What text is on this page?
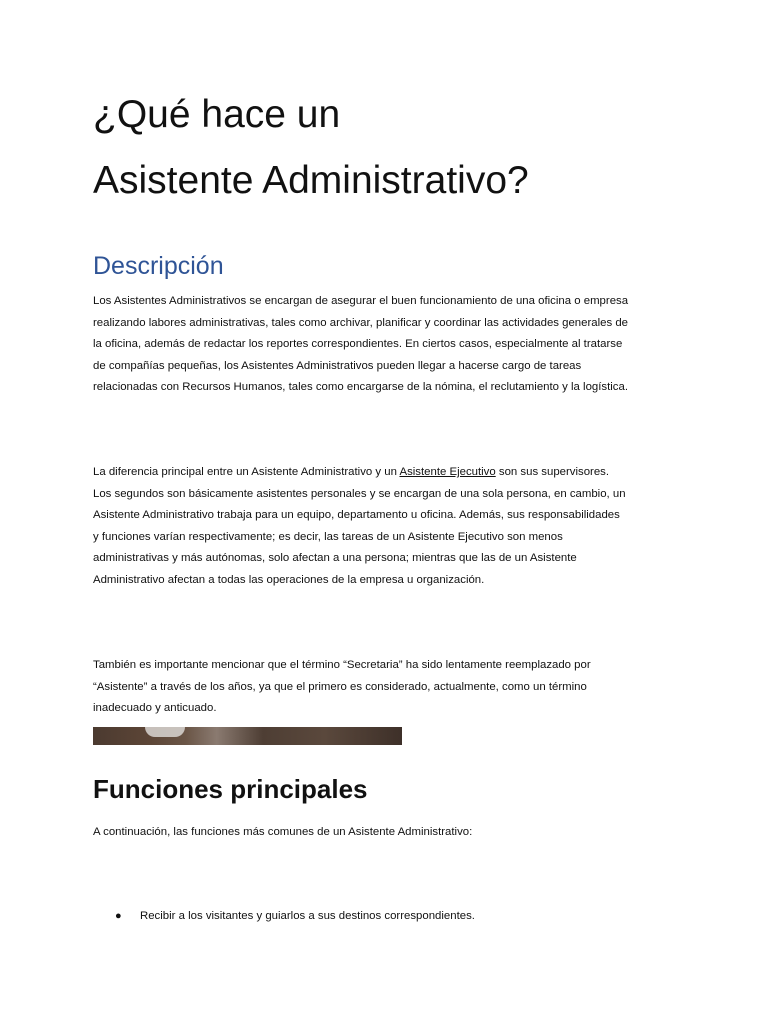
¿Qué hace un
Asistente Administrativo?
Descripción

Los Asistentes Administrativos se encargan de asegurar el buen funcionamiento de una oficina o empresa
realizando labores administrativas, tales como archivar, planificar y coordinar las actividades generales de
la oficina, además de redactar los reportes correspondientes. En ciertos casos, especialmente al tratarse
de compañías pequeñas, los Asistentes Administrativos pueden llegar a hacerse cargo de tareas
relacionadas con Recursos Humanos, tales como encargarse de la nómina, el reclutamiento y la logística.

La diferencia principal entre un Asistente Administrativo y un Asistente Ejecutivo son sus supervisores.
Los segundos son básicamente asistentes personales y se encargan de una sola persona, en cambio, un
Asistente Administrativo trabaja para un equipo, departamento u oficina. Además, sus responsabilidades
y funciones varían respectivamente; es decir, las tareas de un Asistente Ejecutivo son menos
administrativas y más autónomas, solo afectan a una persona; mientras que las de un Asistente
Administrativo afectan a todas las operaciones de la empresa u organización.

También es importante mencionar que el término “Secretaria” ha sido lentamente reemplazado por
“Asistente” a través de los años, ya que el primero es considerado, actualmente, como un término
inadecuado y anticuado.

Funciones principales

A continuación, las funciones más comunes de un Asistente Administrativo:

● Recibir a los visitantes y guiarlos a sus destinos correspondientes.
